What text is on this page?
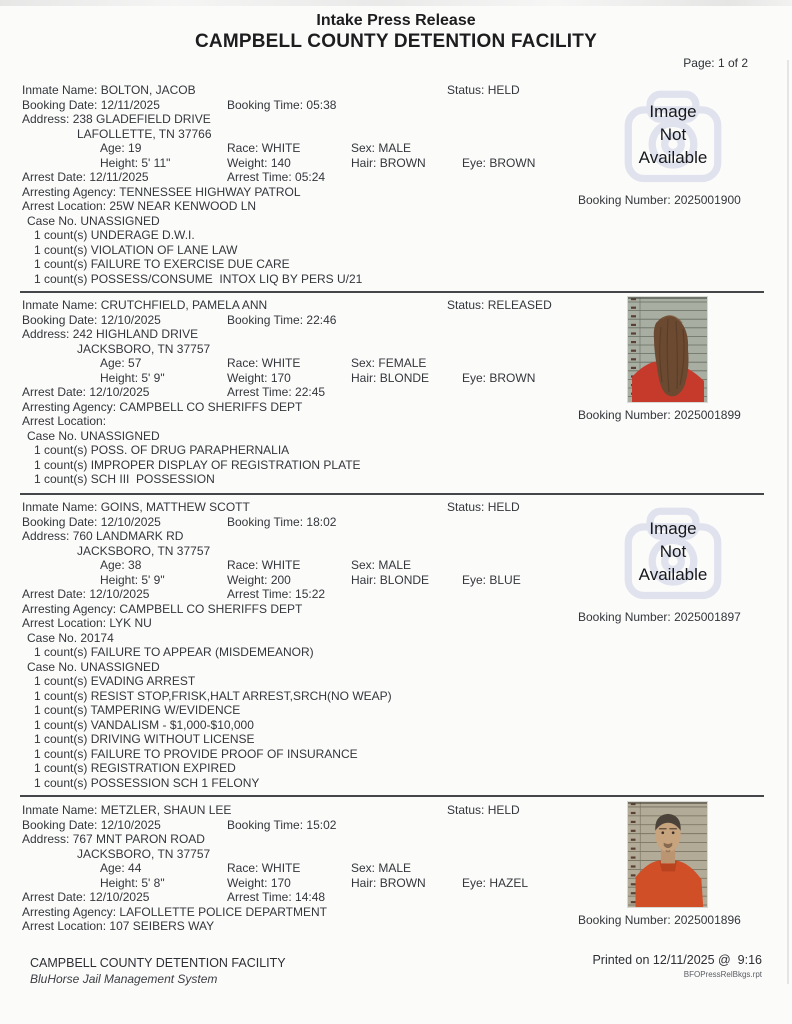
Intake Press Release
CAMPBELL COUNTY DETENTION FACILITY
Page: 1 of 2
Inmate Name: BOLTON, JACOB	Status: HELD
Booking Date: 12/11/2025	Booking Time: 05:38
Address: 238 GLADEFIELD DRIVE
LAFOLLETTE, TN 37766
Age: 19	Race: WHITE	Sex: MALE
Height: 5' 11"	Weight: 140	Hair: BROWN	Eye: BROWN
Arrest Date: 12/11/2025	Arrest Time: 05:24
Arresting Agency: TENNESSEE HIGHWAY PATROL
Arrest Location: 25W NEAR KENWOOD LN
Case No. UNASSIGNED
1 count(s) UNDERAGE D.W.I.
1 count(s) VIOLATION OF LANE LAW
1 count(s) FAILURE TO EXERCISE DUE CARE
1 count(s) POSSESS/CONSUME  INTOX LIQ BY PERS U/21
Image
Not
Available
Booking Number: 2025001900
Inmate Name: CRUTCHFIELD, PAMELA ANN	Status: RELEASED
Booking Date: 12/10/2025	Booking Time: 22:46
Address: 242 HIGHLAND DRIVE
JACKSBORO, TN 37757
Age: 57	Race: WHITE	Sex: FEMALE
Height: 5' 9"	Weight: 170	Hair: BLONDE	Eye: BROWN
Arrest Date: 12/10/2025	Arrest Time: 22:45
Arresting Agency: CAMPBELL CO SHERIFFS DEPT
Arrest Location:
Case No. UNASSIGNED
1 count(s) POSS. OF DRUG PARAPHERNALIA
1 count(s) IMPROPER DISPLAY OF REGISTRATION PLATE
1 count(s) SCH III  POSSESSION
Booking Number: 2025001899
Inmate Name: GOINS, MATTHEW SCOTT	Status: HELD
Booking Date: 12/10/2025	Booking Time: 18:02
Address: 760 LANDMARK RD
JACKSBORO, TN 37757
Age: 38	Race: WHITE	Sex: MALE
Height: 5' 9"	Weight: 200	Hair: BLONDE	Eye: BLUE
Arrest Date: 12/10/2025	Arrest Time: 15:22
Arresting Agency: CAMPBELL CO SHERIFFS DEPT
Arrest Location: LYK NU
Case No. 20174
1 count(s) FAILURE TO APPEAR (MISDEMEANOR)
Case No. UNASSIGNED
1 count(s) EVADING ARREST
1 count(s) RESIST STOP,FRISK,HALT ARREST,SRCH(NO WEAP)
1 count(s) TAMPERING W/EVIDENCE
1 count(s) VANDALISM - $1,000-$10,000
1 count(s) DRIVING WITHOUT LICENSE
1 count(s) FAILURE TO PROVIDE PROOF OF INSURANCE
1 count(s) REGISTRATION EXPIRED
1 count(s) POSSESSION SCH 1 FELONY
Image
Not
Available
Booking Number: 2025001897
Inmate Name: METZLER, SHAUN LEE	Status: HELD
Booking Date: 12/10/2025	Booking Time: 15:02
Address: 767 MNT PARON ROAD
JACKSBORO, TN 37757
Age: 44	Race: WHITE	Sex: MALE
Height: 5' 8"	Weight: 170	Hair: BROWN	Eye: HAZEL
Arrest Date: 12/10/2025	Arrest Time: 14:48
Arresting Agency: LAFOLLETTE POLICE DEPARTMENT
Arrest Location: 107 SEIBERS WAY	Booking Number: 2025001896
CAMPBELL COUNTY DETENTION FACILITY
BluHorse Jail Management System
Printed on 12/11/2025 @  9:16
BFOPressRelBkgs.rpt
